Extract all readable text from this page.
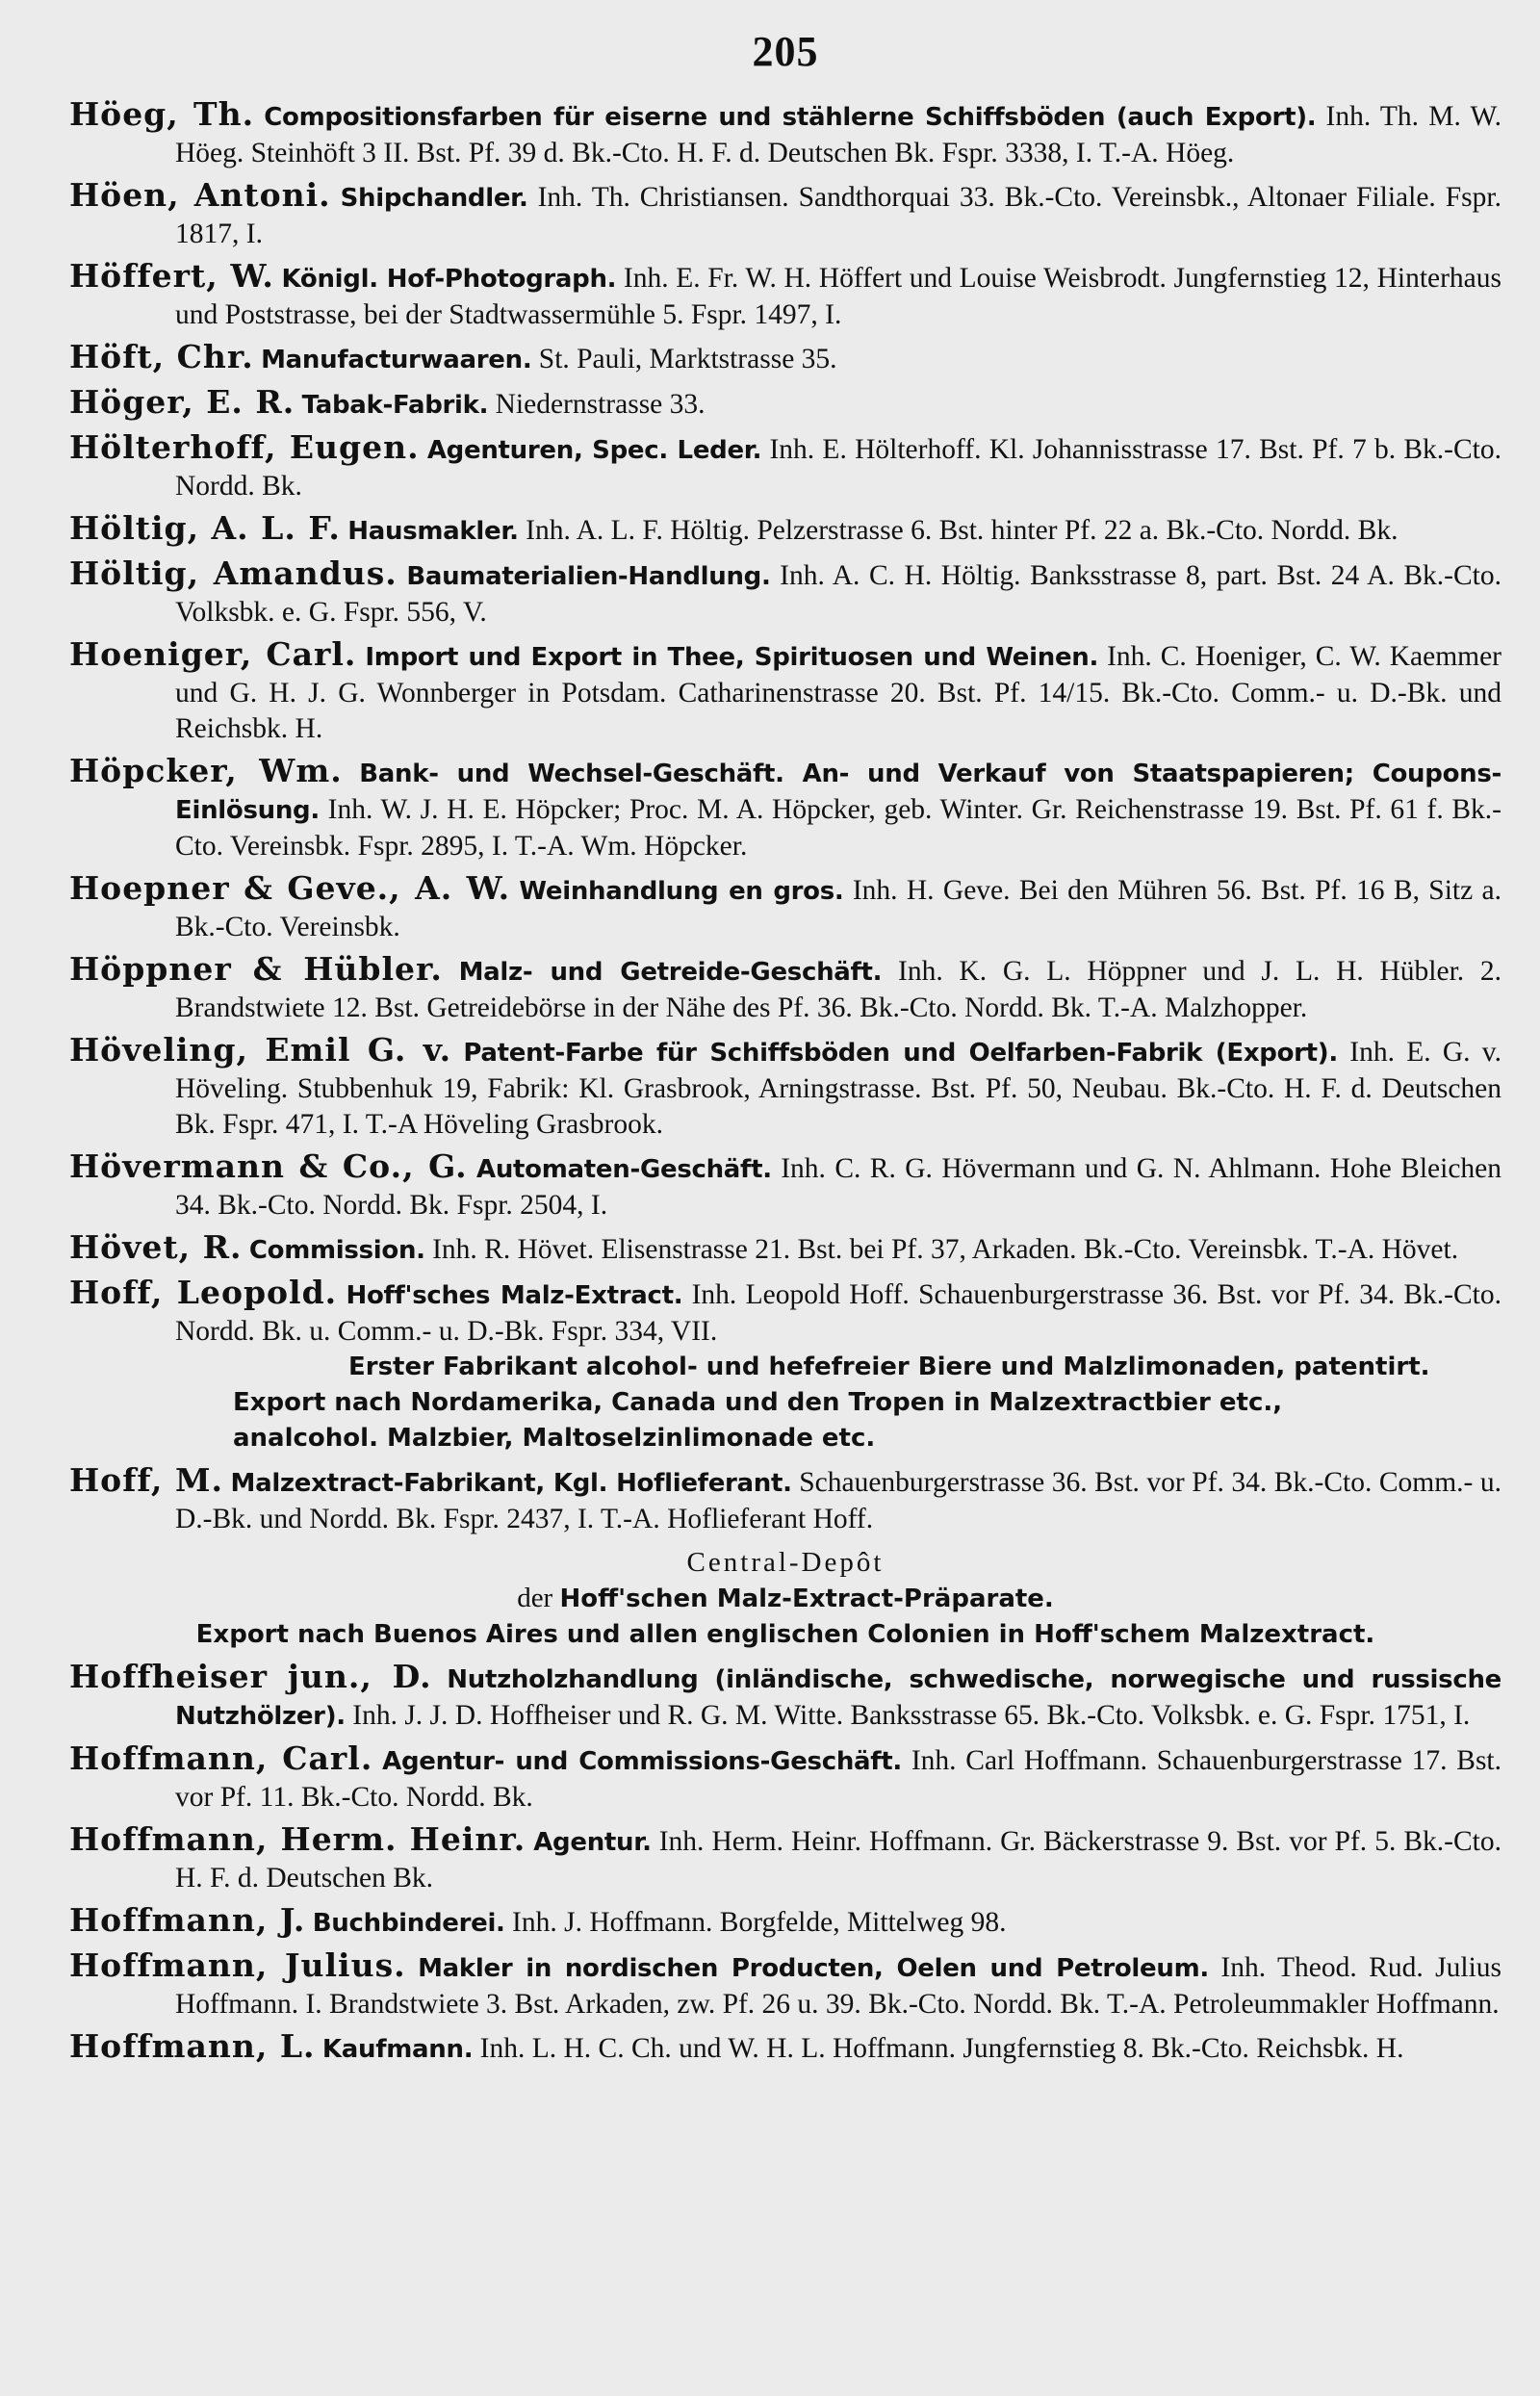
205

Höeg, Th. Compositionsfarben für eiserne und stählerne Schiffsböden (auch Export). Inh. Th. M. W. Höeg. Steinhöft 3 II. Bst. Pf. 39 d. Bk.-Cto. H. F. d. Deutschen Bk. Fspr. 3338, I. T.-A. Höeg.

Höen, Antoni. Shipchandler. Inh. Th. Christiansen. Sandthorquai 33. Bk.-Cto. Vereinsbk., Altonaer Filiale. Fspr. 1817, I.

Höffert, W. Königl. Hof-Photograph. Inh. E. Fr. W. H. Höffert und Louise Weisbrodt. Jungfernstieg 12, Hinterhaus und Poststrasse, bei der Stadtwassermühle 5. Fspr. 1497, I.

Höft, Chr. Manufacturwaaren. St. Pauli, Marktstrasse 35.

Höger, E. R. Tabak-Fabrik. Niedernstrasse 33.

Hölterhoff, Eugen. Agenturen, Spec. Leder. Inh. E. Hölterhoff. Kl. Johannisstrasse 17. Bst. Pf. 7 b. Bk.-Cto. Nordd. Bk.

Höltig, A. L. F. Hausmakler. Inh. A. L. F. Höltig. Pelzerstrasse 6. Bst. hinter Pf. 22 a. Bk.-Cto. Nordd. Bk.

Höltig, Amandus. Baumaterialien-Handlung. Inh. A. C. H. Höltig. Banksstrasse 8, part. Bst. 24 A. Bk.-Cto. Volksbk. e. G. Fspr. 556, V.

Hoeniger, Carl. Import und Export in Thee, Spirituosen und Weinen. Inh. C. Hoeniger, C. W. Kaemmer und G. H. J. G. Wonnberger in Potsdam. Catharinenstrasse 20. Bst. Pf. 14/15. Bk.-Cto. Comm.- u. D.-Bk. und Reichsbk. H.

Höpcker, Wm. Bank- und Wechsel-Geschäft. An- und Verkauf von Staatspapieren; Coupons-Einlösung. Inh. W. J. H. E. Höpcker; Proc. M. A. Höpcker, geb. Winter. Gr. Reichenstrasse 19. Bst. Pf. 61 f. Bk.-Cto. Vereinsbk. Fspr. 2895, I. T.-A. Wm. Höpcker.

Hoepner & Geve., A. W. Weinhandlung en gros. Inh. H. Geve. Bei den Mühren 56. Bst. Pf. 16 B, Sitz a. Bk.-Cto. Vereinsbk.

Höppner & Hübler. Malz- und Getreide-Geschäft. Inh. K. G. L. Höppner und J. L. H. Hübler. 2. Brandstwiete 12. Bst. Getreidebörse in der Nähe des Pf. 36. Bk.-Cto. Nordd. Bk. T.-A. Malzhopper.

Höveling, Emil G. v. Patent-Farbe für Schiffsböden und Oelfarben-Fabrik (Export). Inh. E. G. v. Höveling. Stubbenhuk 19, Fabrik: Kl. Grasbrook, Arningstrasse. Bst. Pf. 50, Neubau. Bk.-Cto. H. F. d. Deutschen Bk. Fspr. 471, I. T.-A Höveling Grasbrook.

Hövermann & Co., G. Automaten-Geschäft. Inh. C. R. G. Hövermann und G. N. Ahlmann. Hohe Bleichen 34. Bk.-Cto. Nordd. Bk. Fspr. 2504, I.

Hövet, R. Commission. Inh. R. Hövet. Elisenstrasse 21. Bst. bei Pf. 37, Arkaden. Bk.-Cto. Vereinsbk. T.-A. Hövet.

Hoff, Leopold. Hoff'sches Malz-Extract. Inh. Leopold Hoff. Schauenburgerstrasse 36. Bst. vor Pf. 34. Bk.-Cto. Nordd. Bk. u. Comm.- u. D.-Bk. Fspr. 334, VII.
Erster Fabrikant alcohol- und hefefreier Biere und Malzlimonaden, patentirt.
Export nach Nordamerika, Canada und den Tropen in Malzextractbier etc.,
analcohol. Malzbier, Maltoselzinlimonade etc.

Hoff, M. Malzextract-Fabrikant, Kgl. Hoflieferant. Schauenburgerstrasse 36. Bst. vor Pf. 34. Bk.-Cto. Comm.- u. D.-Bk. und Nordd. Bk. Fspr. 2437, I. T.-A. Hoflieferant Hoff.

Central-Depôt
der Hoff'schen Malz-Extract-Präparate.
Export nach Buenos Aires und allen englischen Colonien in Hoff'schem Malzextract.

Hoffheiser jun., D. Nutzholzhandlung (inländische, schwedische, norwegische und russische Nutzhölzer). Inh. J. J. D. Hoffheiser und R. G. M. Witte. Banksstrasse 65. Bk.-Cto. Volksbk. e. G. Fspr. 1751, I.

Hoffmann, Carl. Agentur- und Commissions-Geschäft. Inh. Carl Hoffmann. Schauenburgerstrasse 17. Bst. vor Pf. 11. Bk.-Cto. Nordd. Bk.

Hoffmann, Herm. Heinr. Agentur. Inh. Herm. Heinr. Hoffmann. Gr. Bäckerstrasse 9. Bst. vor Pf. 5. Bk.-Cto. H. F. d. Deutschen Bk.

Hoffmann, J. Buchbinderei. Inh. J. Hoffmann. Borgfelde, Mittelweg 98.

Hoffmann, Julius. Makler in nordischen Producten, Oelen und Petroleum. Inh. Theod. Rud. Julius Hoffmann. I. Brandstwiete 3. Bst. Arkaden, zw. Pf. 26 u. 39. Bk.-Cto. Nordd. Bk. T.-A. Petroleummakler Hoffmann.

Hoffmann, L. Kaufmann. Inh. L. H. C. Ch. und W. H. L. Hoffmann. Jungfernstieg 8. Bk.-Cto. Reichsbk. H.
